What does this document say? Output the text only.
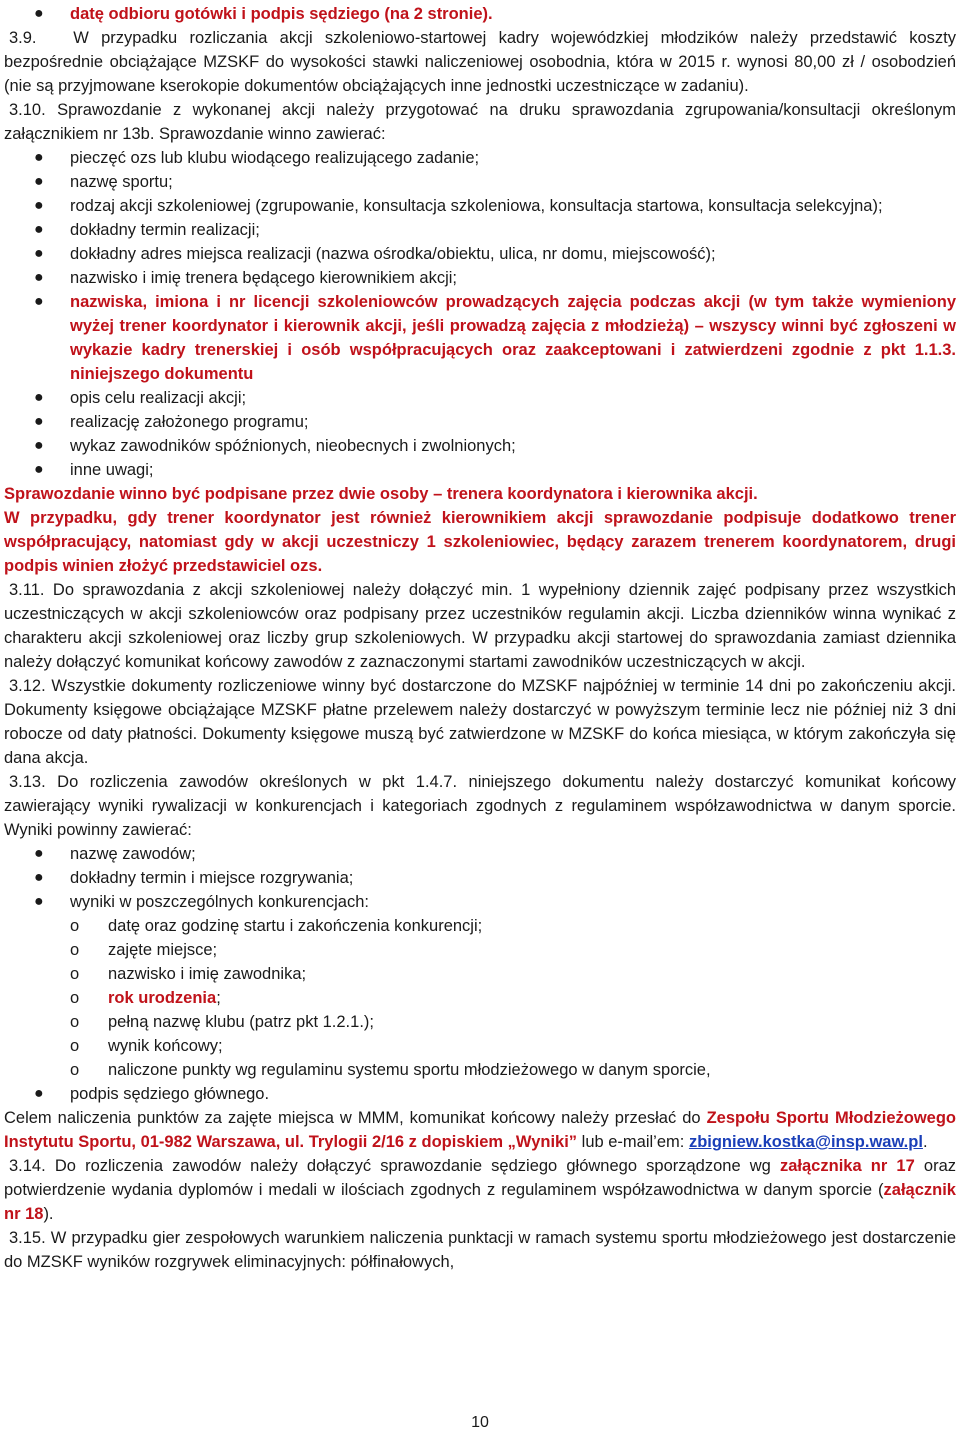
● datę odbioru gotówki i podpis sędziego (na 2 stronie).

3.9. W przypadku rozliczania akcji szkoleniowo-startowej kadry wojewódzkiej młodzików należy przedstawić koszty bezpośrednie obciążające MZSKF do wysokości stawki naliczeniowej osobodnia, która w 2015 r. wynosi 80,00 zł / osobodzień (nie są przyjmowane kserokopie dokumentów obciążających inne jednostki uczestniczące w zadaniu).

3.10. Sprawozdanie z wykonanej akcji należy przygotować na druku sprawozdania zgrupowania/konsultacji określonym załącznikiem nr 13b. Sprawozdanie winno zawierać:

● pieczęć ozs lub klubu wiodącego realizującego zadanie;
● nazwę sportu;
● rodzaj akcji szkoleniowej (zgrupowanie, konsultacja szkoleniowa, konsultacja startowa, konsultacja selekcyjna);
● dokładny termin realizacji;
● dokładny adres miejsca realizacji (nazwa ośrodka/obiektu, ulica, nr domu, miejscowość);
● nazwisko i imię trenera będącego kierownikiem akcji;
● nazwiska, imiona i nr licencji szkoleniowców prowadzących zajęcia podczas akcji (w tym także wymieniony wyżej trener koordynator i kierownik akcji, jeśli prowadzą zajęcia z młodzieżą) – wszyscy winni być zgłoszeni w wykazie kadry trenerskiej i osób współpracujących oraz zaakceptowani i zatwierdzeni zgodnie z pkt 1.1.3. niniejszego dokumentu
● opis celu realizacji akcji;
● realizację założonego programu;
● wykaz zawodników spóźnionych, nieobecnych i zwolnionych;
● inne uwagi;

Sprawozdanie winno być podpisane przez dwie osoby – trenera koordynatora i kierownika akcji.

W przypadku, gdy trener koordynator jest również kierownikiem akcji sprawozdanie podpisuje dodatkowo trener współpracujący, natomiast gdy w akcji uczestniczy 1 szkoleniowiec, będący zarazem trenerem koordynatorem, drugi podpis winien złożyć przedstawiciel ozs.

3.11. Do sprawozdania z akcji szkoleniowej należy dołączyć min. 1 wypełniony dziennik zajęć podpisany przez wszystkich uczestniczących w akcji szkoleniowców oraz podpisany przez uczestników regulamin akcji. Liczba dzienników winna wynikać z charakteru akcji szkoleniowej oraz liczby grup szkoleniowych. W przypadku akcji startowej do sprawozdania zamiast dziennika należy dołączyć komunikat końcowy zawodów z zaznaczonymi startami zawodników uczestniczących w akcji.

3.12. Wszystkie dokumenty rozliczeniowe winny być dostarczone do MZSKF najpóźniej w terminie 14 dni po zakończeniu akcji. Dokumenty księgowe obciążające MZSKF płatne przelewem należy dostarczyć w powyższym terminie lecz nie później niż 3 dni robocze od daty płatności. Dokumenty księgowe muszą być zatwierdzone w MZSKF do końca miesiąca, w którym zakończyła się dana akcja.

3.13. Do rozliczenia zawodów określonych w pkt 1.4.7. niniejszego dokumentu należy dostarczyć komunikat końcowy zawierający wyniki rywalizacji w konkurencjach i kategoriach zgodnych z regulaminem współzawodnictwa w danym sporcie. Wyniki powinny zawierać:

● nazwę zawodów;
● dokładny termin i miejsce rozgrywania;
● wyniki w poszczególnych konkurencjach:
o datę oraz godzinę startu i zakończenia konkurencji;
o zajęte miejsce;
o nazwisko i imię zawodnika;
o rok urodzenia;
o pełną nazwę klubu (patrz pkt 1.2.1.);
o wynik końcowy;
o naliczone punkty wg regulaminu systemu sportu młodzieżowego w danym sporcie,
● podpis sędziego głównego.

Celem naliczenia punktów za zajęte miejsca w MMM, komunikat końcowy należy przesłać do Zespołu Sportu Młodzieżowego Instytutu Sportu, 01-982 Warszawa, ul. Trylogii 2/16 z dopiskiem „Wyniki” lub e-mail’em: zbigniew.kostka@insp.waw.pl.

3.14. Do rozliczenia zawodów należy dołączyć sprawozdanie sędziego głównego sporządzone wg załącznika nr 17 oraz potwierdzenie wydania dyplomów i medali w ilościach zgodnych z regulaminem współzawodnictwa w danym sporcie (załącznik nr 18).

3.15. W przypadku gier zespołowych warunkiem naliczenia punktacji w ramach systemu sportu młodzieżowego jest dostarczenie do MZSKF wyników rozgrywek eliminacyjnych: półfinałowych,

10
